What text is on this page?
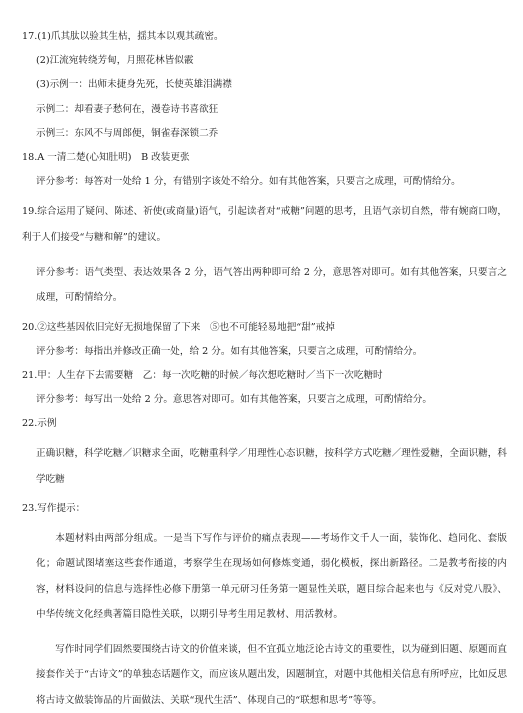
17.(1)爪其肽以验其生枯，揺其本以观其疏密。
(2)江流宛转绕芳甸，月照花林皆似霰
(3)示例一：出师未捷身先死，长使英雄泪满襟
示例二：却看妻子愁何在，漫卷诗书喜欲狂
示例三：东风不与周郎便，铜雀春深锁二乔
18.A 一清二楚(心知肚明)　B 改装更张
评分参考：每答对一处给 1 分，有错别字该处不给分。如有其他答案，只要言之成理，可酌情给分。
19.综合运用了疑问、陈述、祈使(或商量)语气，引起读者对“戒糖”问题的思考，且语气亲切自然，带有婉商口吻，利于人们接受“与糖和解”的建议。
评分参考：语气类型、表达效果各 2 分，语气答出两种即可给 2 分，意思答对即可。如有其他答案，只要言之成理，可酌情给分。
20.②这些基因依旧完好无损地保留了下来　⑤也不可能轻易地把“甜”戒掉
评分参考：每指出并修改正确一处，给 2 分。如有其他答案，只要言之成理，可酌情给分。
21.甲：人生存下去需要糖　乙：每一次吃糖的时候／每次想吃糖时／当下一次吃糖时
评分参考：每写出一处给 2 分。意思答对即可。如有其他答案，只要言之成理，可酌情给分。
22.示例
正确识糖，科学吃糖／识糖求全面，吃糖重科学／用理性心态识糖，按科学方式吃糖／理性爱糖，全面识糖，科学吃糖
23.写作提示：
本题材料由两部分组成。一是当下写作与评价的痛点表现——考场作文千人一面，装饰化、趋同化、套版化；命题试图堵塞这些套作通道，考察学生在现场如何修炼变通，弱化模板，探出新路径。二是教考衔接的内容，材料设问的信息与选择性必修下册第一单元研习任务第一题显性关联，题目综合起来也与《反对党八股》、中华传统文化经典著篇目隐性关联，以期引导考生用足教材、用活教材。
写作时同学们固然要围绕古诗文的价值来谈，但不宜孤立地泛论古诗文的重要性，以为碰到旧题、原题而直接套作关于“古诗文”的单独态话题作文，而应该从题出发，因题制宜，对题中其他相关信息有所呼应，比如反思将古诗文做装饰品的片面做法、关联“现代生活”、体现自己的“联想和思考”等等。
